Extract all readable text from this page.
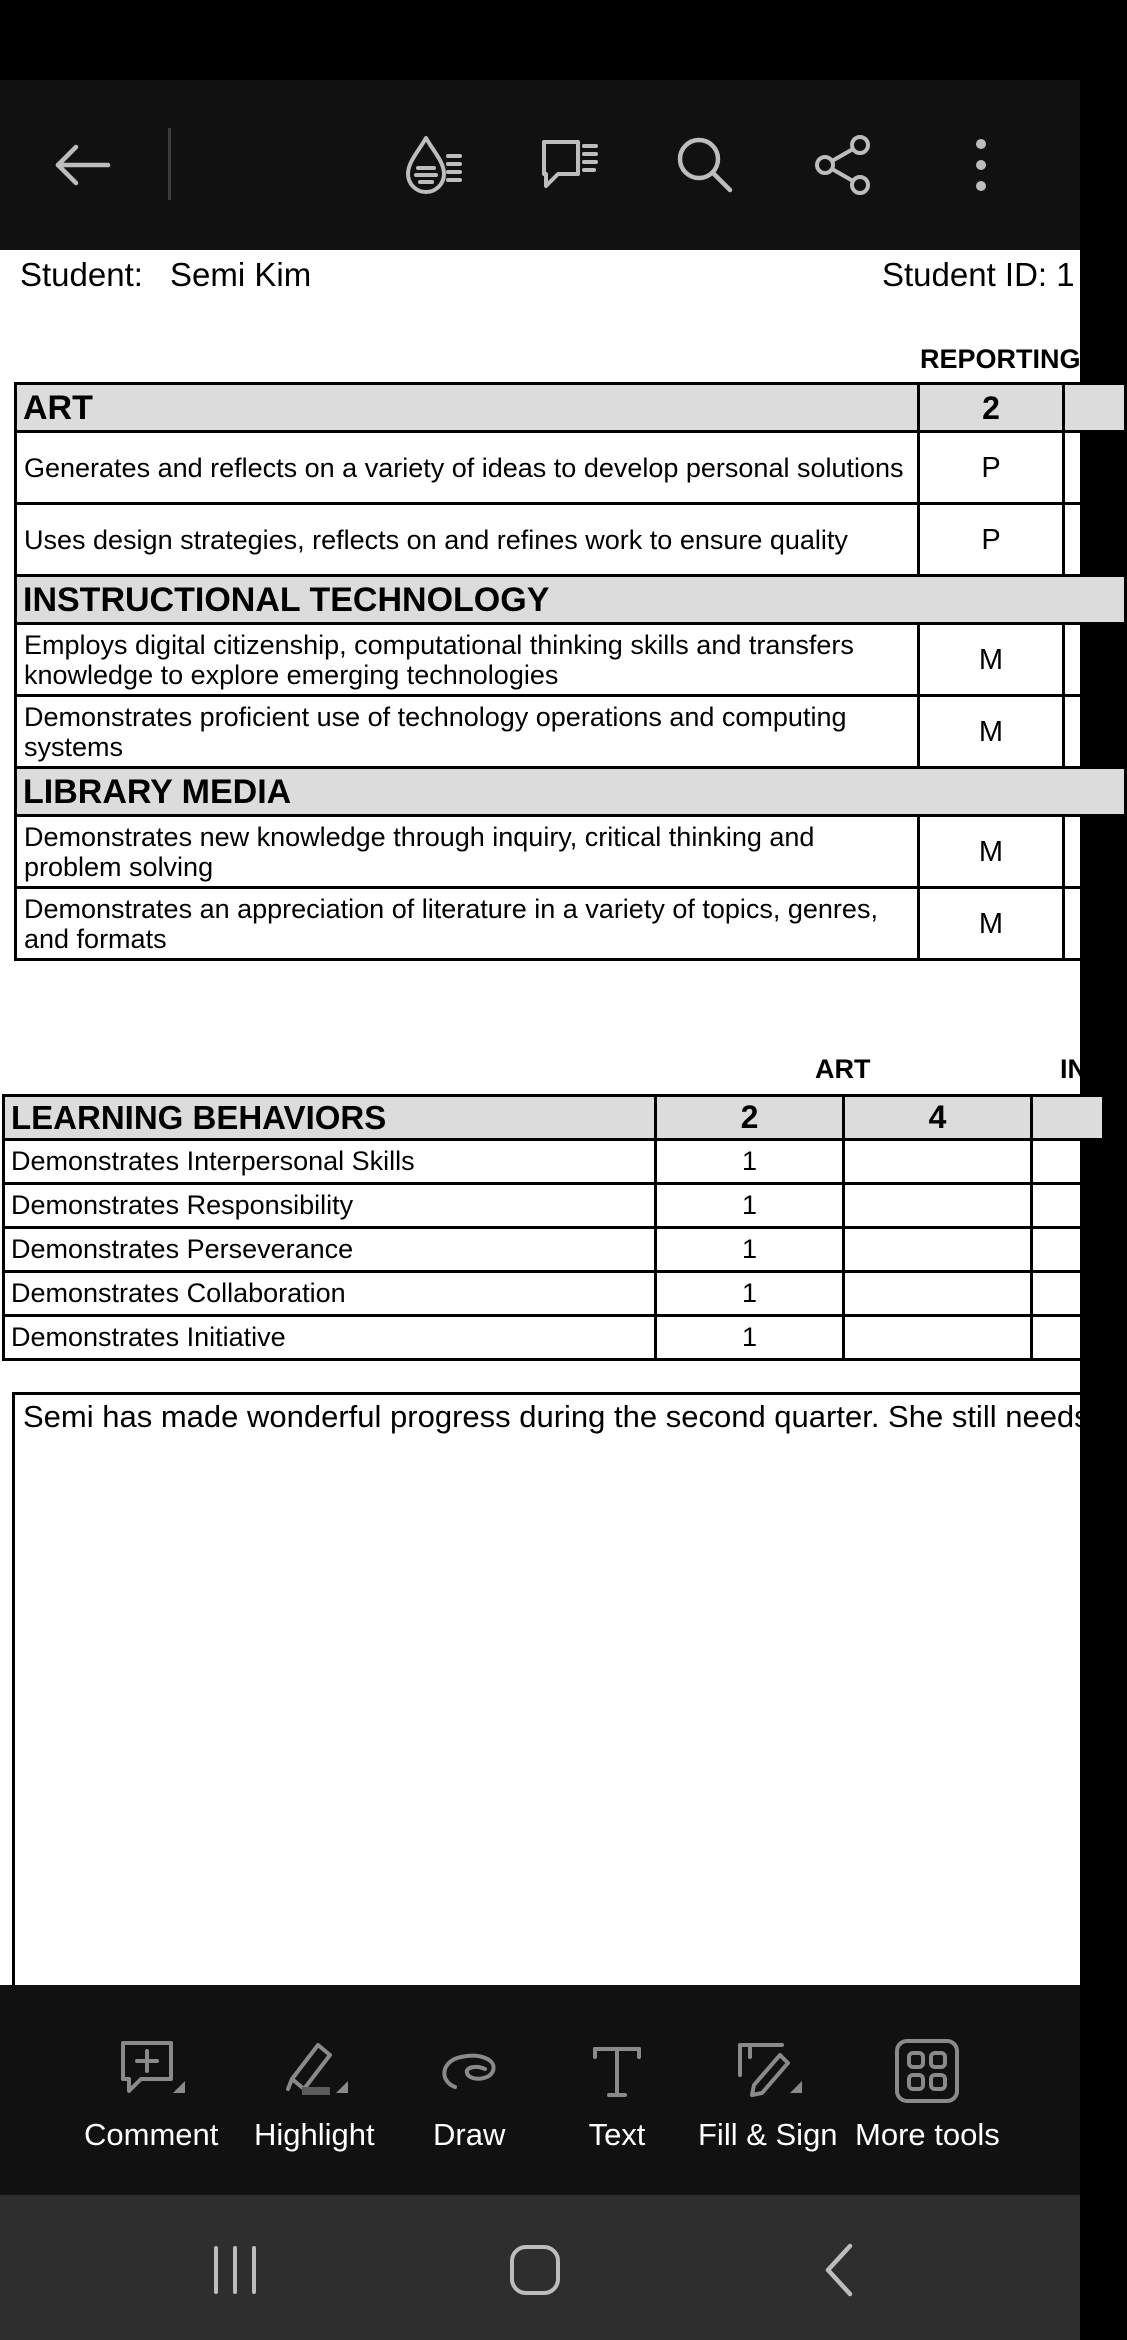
Student: Semi Kim	Student ID: 1
REPORTING
ART	2	
Generates and reflects on a variety of ideas to develop personal solutions	P	
Uses design strategies, reflects on and refines work to ensure quality	P	
INSTRUCTIONAL TECHNOLOGY		
Employs digital citizenship, computational thinking skills and transfers knowledge to explore emerging technologies	M	
Demonstrates proficient use of technology operations and computing systems	M	
LIBRARY MEDIA		
Demonstrates new knowledge through inquiry, critical thinking and problem solving	M	
Demonstrates an appreciation of literature in a variety of topics, genres, and formats	M	
ART	IN
LEARNING BEHAVIORS	2	4	
Demonstrates Interpersonal Skills	1		
Demonstrates Responsibility	1		
Demonstrates Perseverance	1		
Demonstrates Collaboration	1		
Demonstrates Initiative	1		
Semi has made wonderful progress during the second quarter. She still needs c
Comment Highlight Draw	Text Fill & Sign More tools
